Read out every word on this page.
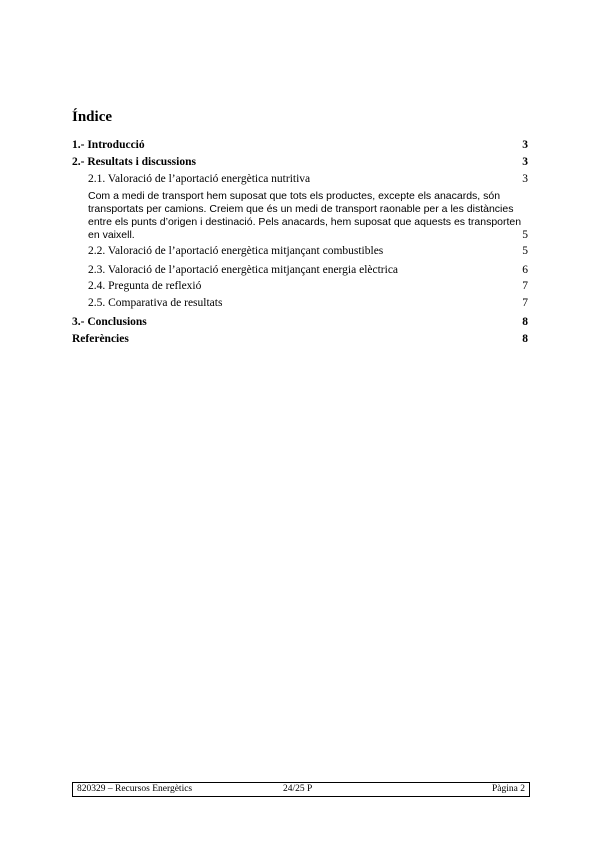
Índice
1.- Introducció	3
2.- Resultats i discussions	3
2.1. Valoració de l’aportació energètica nutritiva	3
Com a medi de transport hem suposat que tots els productes, excepte els anacards, són transportats per camions. Creiem que és un medi de transport raonable per a les distàncies entre els punts d’origen i destinació. Pels anacards, hem suposat que aquests es transporten en vaixell.	5
2.2. Valoració de l’aportació energètica mitjançant combustibles	5
2.3. Valoració de l’aportació energètica mitjançant energia elèctrica	6
2.4. Pregunta de reflexió	7
2.5. Comparativa de resultats	7
3.- Conclusions	8
Referències	8
820329 – Recursos Energètics	24/25 P	Pàgina 2
